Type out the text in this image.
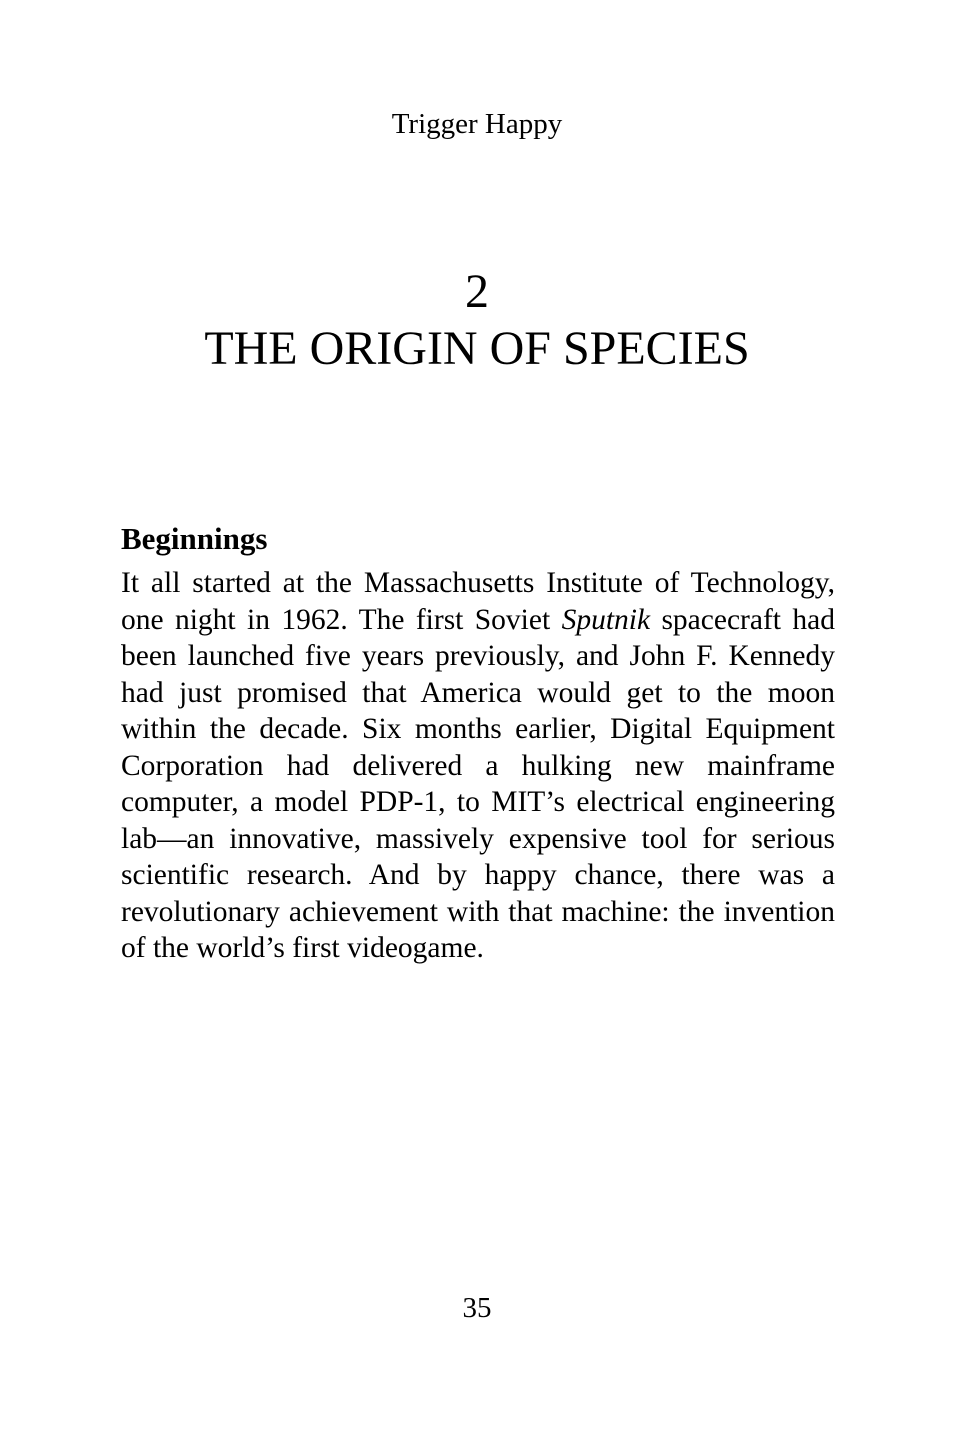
Trigger Happy
2
THE ORIGIN OF SPECIES
Beginnings

It all started at the Massachusetts Institute of Technology, one night in 1962. The first Soviet Sputnik spacecraft had been launched five years previously, and John F. Kennedy had just promised that America would get to the moon within the decade. Six months earlier, Digital Equipment Corporation had delivered a hulking new mainframe computer, a model PDP-1, to MIT’s electrical engineering lab—an innovative, massively expensive tool for serious scientific research. And by happy chance, there was a revolutionary achievement with that machine: the invention of the world’s first videogame.

35
